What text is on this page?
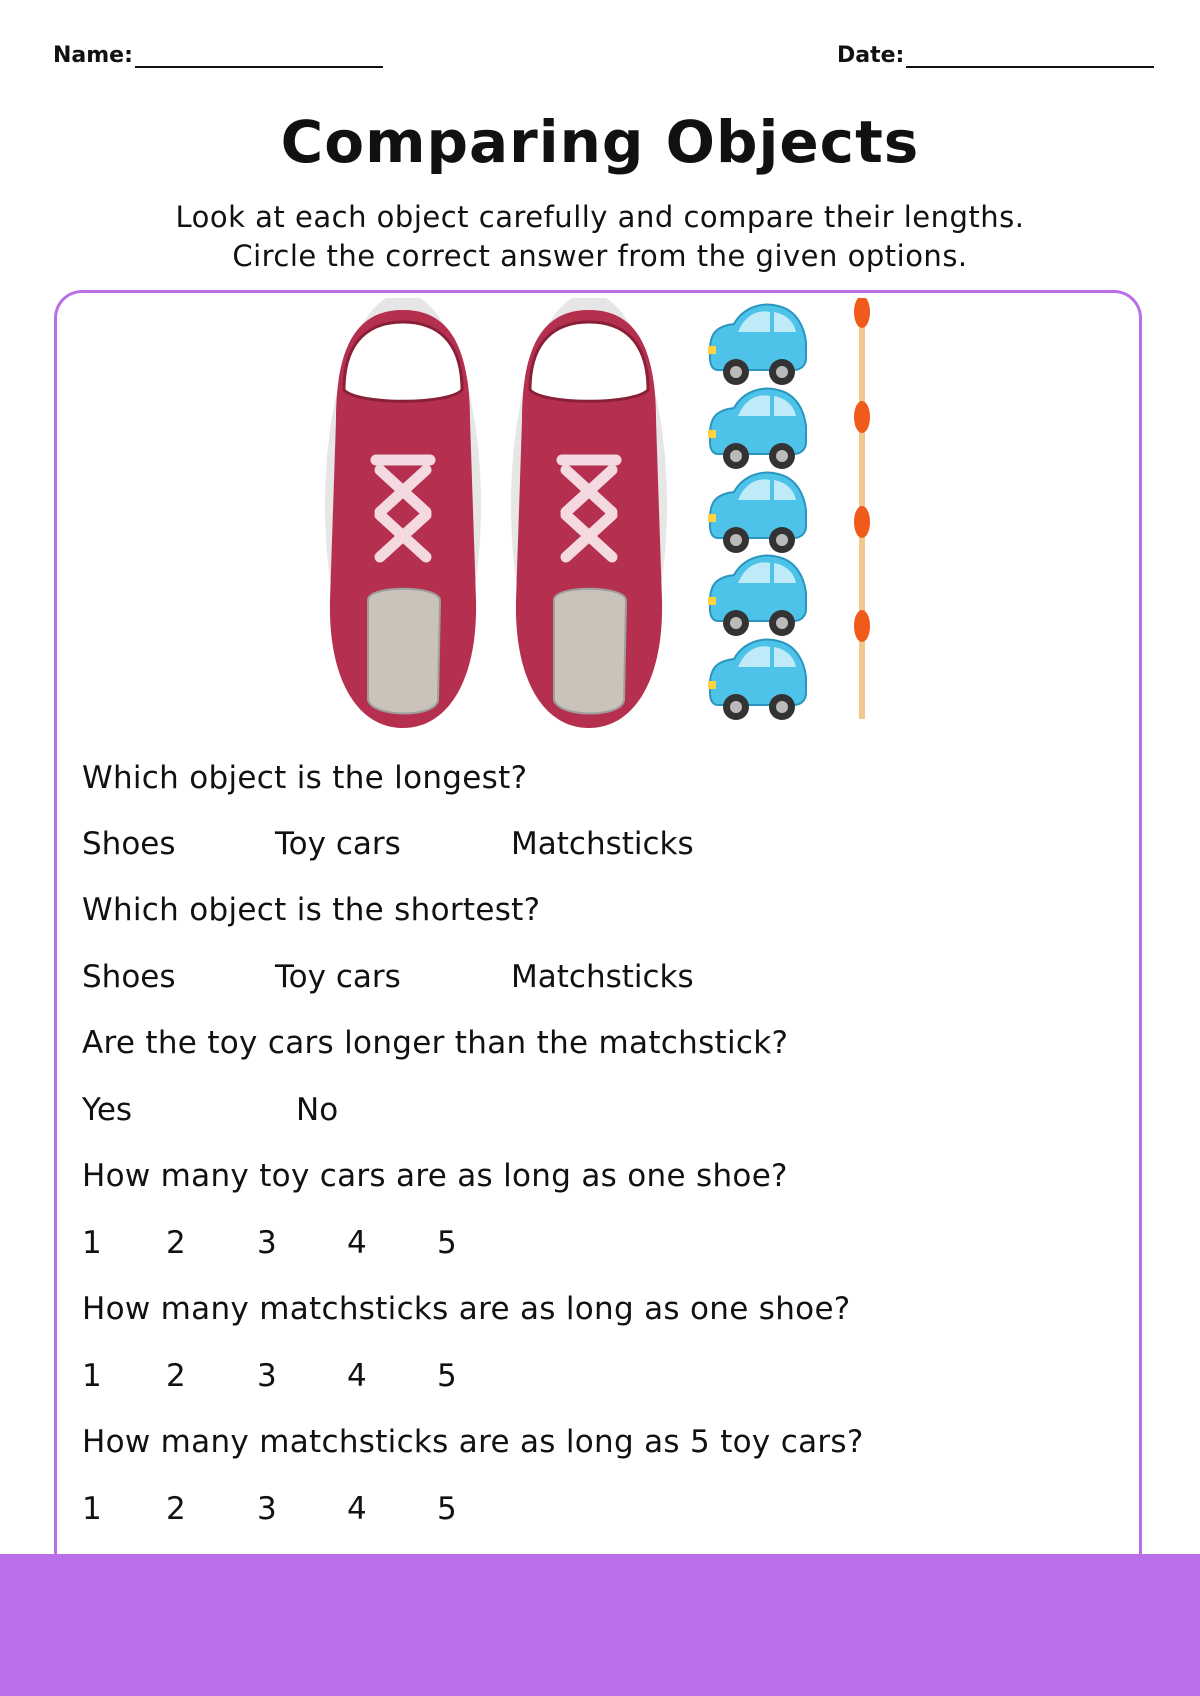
Name:	Date:
Comparing Objects
Look at each object carefully and compare their lengths.
Circle the correct answer from the given options.
Which object is the longest?
Shoes	Toy cars	Matchsticks
Which object is the shortest?
Shoes	Toy cars	Matchsticks
Are the toy cars longer than the matchstick?
Yes	No
How many toy cars are as long as one shoe?
1 2 3 4 5
How many matchsticks are as long as one shoe?
1 2 3 4 5
How many matchsticks are as long as 5 toy cars?
1 2 3 4 5
